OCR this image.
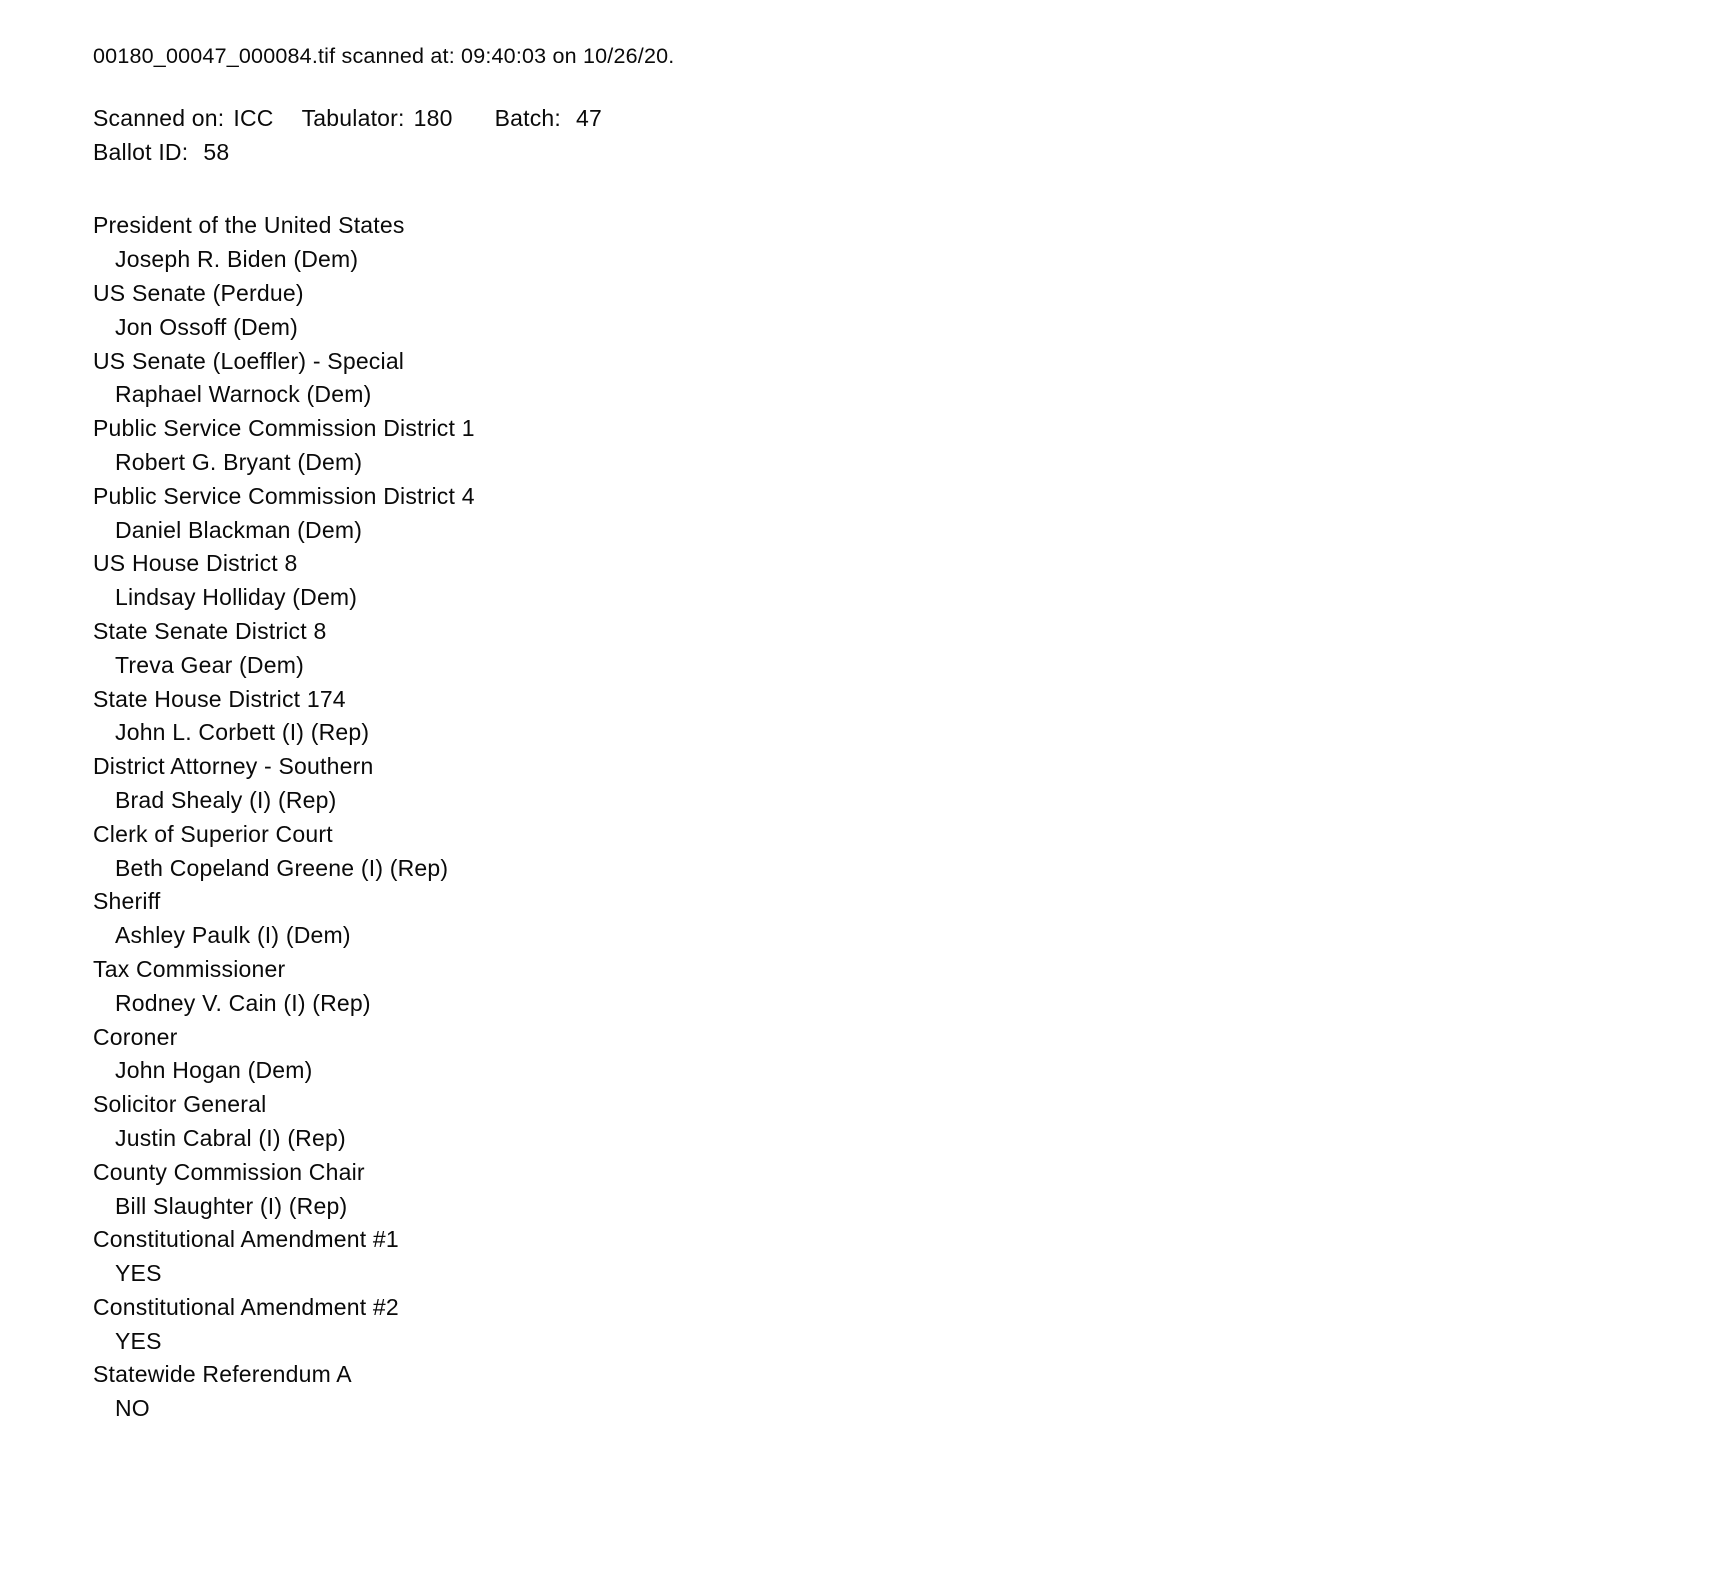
00180_00047_000084.tif scanned at: 09:40:03 on 10/26/20.
Scanned on: ICC Tabulator: 180 Batch: 47
Ballot ID: 58
President of the United States
Joseph R. Biden (Dem)
US Senate (Perdue)
Jon Ossoff (Dem)
US Senate (Loeffler) - Special
Raphael Warnock (Dem)
Public Service Commission District 1
Robert G. Bryant (Dem)
Public Service Commission District 4
Daniel Blackman (Dem)
US House District 8
Lindsay Holliday (Dem)
State Senate District 8
Treva Gear (Dem)
State House District 174
John L. Corbett (I) (Rep)
District Attorney - Southern
Brad Shealy (I) (Rep)
Clerk of Superior Court
Beth Copeland Greene (I) (Rep)
Sheriff
Ashley Paulk (I) (Dem)
Tax Commissioner
Rodney V. Cain (I) (Rep)
Coroner
John Hogan (Dem)
Solicitor General
Justin Cabral (I) (Rep)
County Commission Chair
Bill Slaughter (I) (Rep)
Constitutional Amendment #1
YES
Constitutional Amendment #2
YES
Statewide Referendum A
NO
